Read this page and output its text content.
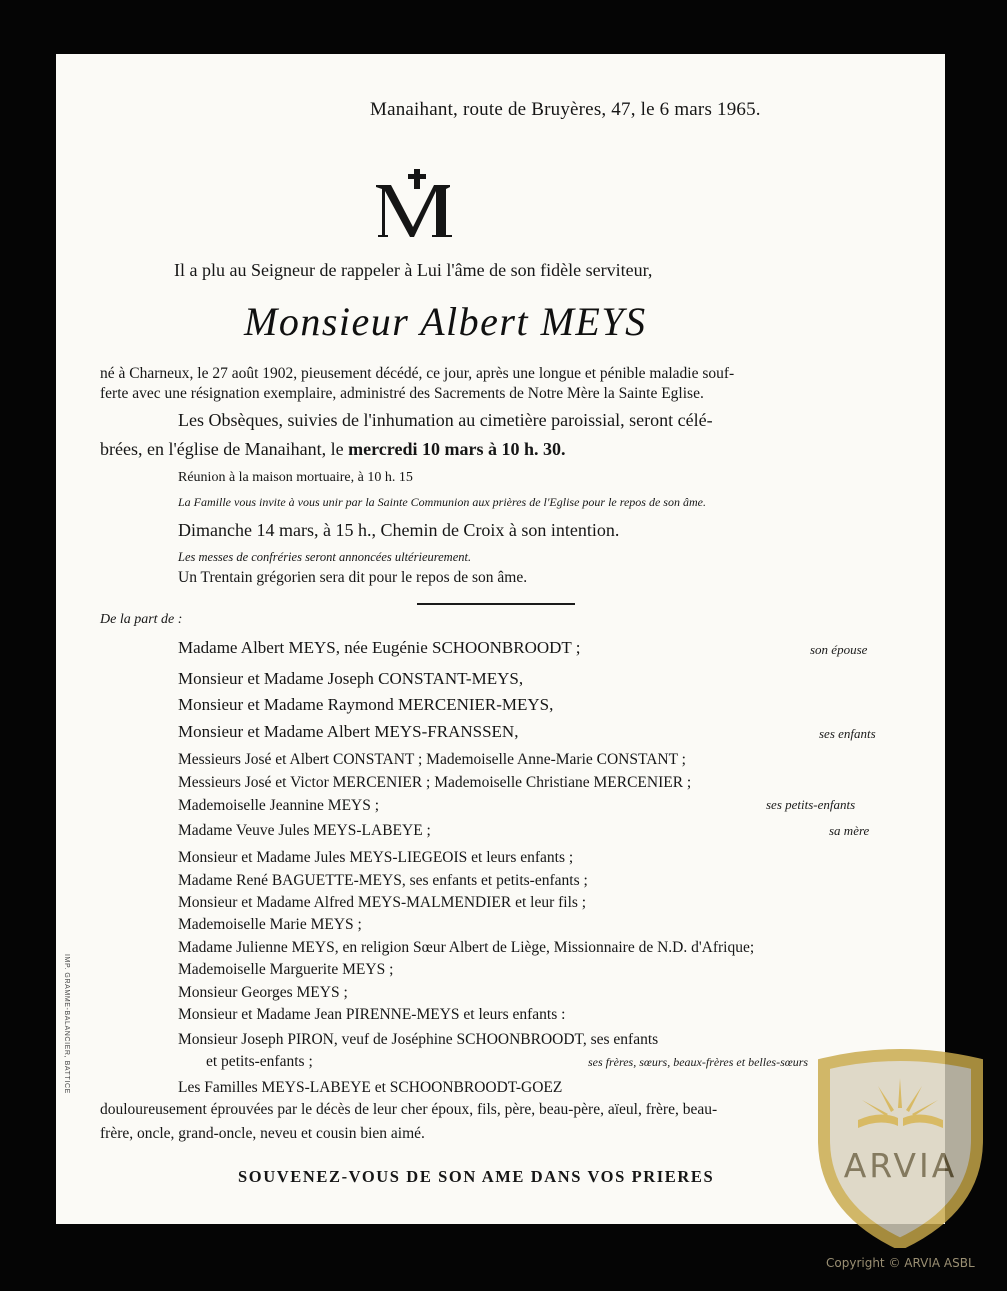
Manaihant, route de Bruyères, 47, le 6 mars 1965.
Il a plu au Seigneur de rappeler à Lui l'âme de son fidèle serviteur,
Monsieur Albert MEYS
né à Charneux, le 27 août 1902, pieusement décédé, ce jour, après une longue et pénible maladie souf-
ferte avec une résignation exemplaire, administré des Sacrements de Notre Mère la Sainte Eglise.
Les Obsèques, suivies de l'inhumation au cimetière paroissial, seront célé-
brées, en l'église de Manaihant, le mercredi 10 mars à 10 h. 30.
Réunion à la maison mortuaire, à 10 h. 15
La Famille vous invite à vous unir par la Sainte Communion aux prières de l'Eglise pour le repos de son âme.
Dimanche 14 mars, à 15 h., Chemin de Croix à son intention.
Les messes de confréries seront annoncées ultérieurement.
Un Trentain grégorien sera dit pour le repos de son âme.
De la part de :
Madame Albert MEYS, née Eugénie SCHOONBROODT ;	son épouse
Monsieur et Madame Joseph CONSTANT-MEYS,
Monsieur et Madame Raymond MERCENIER-MEYS,
Monsieur et Madame Albert MEYS-FRANSSEN,	ses enfants
Messieurs José et Albert CONSTANT ; Mademoiselle Anne-Marie CONSTANT ;
Messieurs José et Victor MERCENIER ; Mademoiselle Christiane MERCENIER ;
Mademoiselle Jeannine MEYS ;	ses petits-enfants
Madame Veuve Jules MEYS-LABEYE ;	sa mère
Monsieur et Madame Jules MEYS-LIEGEOIS et leurs enfants ;
Madame René BAGUETTE-MEYS, ses enfants et petits-enfants ;
Monsieur et Madame Alfred MEYS-MALMENDIER et leur fils ;
Mademoiselle Marie MEYS ;
Madame Julienne MEYS, en religion Sœur Albert de Liège, Missionnaire de N.D. d'Afrique;
Mademoiselle Marguerite MEYS ;
Monsieur Georges MEYS ;
Monsieur et Madame Jean PIRENNE-MEYS et leurs enfants :
Monsieur Joseph PIRON, veuf de Joséphine SCHOONBROODT, ses enfants
et petits-enfants ;	ses frères, sœurs, beaux-frères et belles-sœurs
Les Familles MEYS-LABEYE et SCHOONBROODT-GOEZ
douloureusement éprouvées par le décès de leur cher époux, fils, père, beau-père, aïeul, frère, beau-
frère, oncle, grand-oncle, neveu et cousin bien aimé.
SOUVENEZ-VOUS DE SON AME DANS VOS PRIERES
IMP. GRAMME-BALANCIER, BATTICE
ARVIA
Copyright © ARVIA ASBL
